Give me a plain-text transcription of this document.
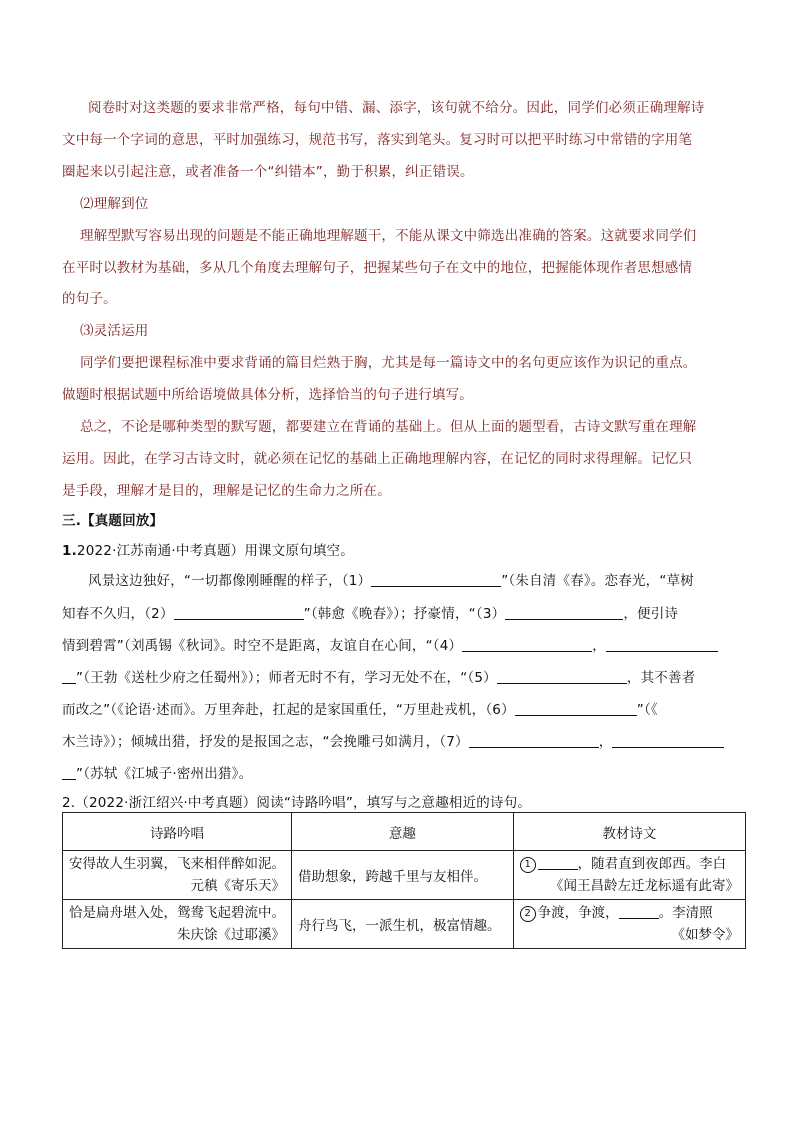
阅卷时对这类题的要求非常严格，每句中错、漏、添字，该句就不给分。因此，同学们必须正确理解诗
文中每一个字词的意思，平时加强练习，规范书写，落实到笔头。复习时可以把平时练习中常错的字用笔
圈起来以引起注意，或者准备一个“纠错本”，勤于积累，纠正错误。
⑵理解到位
理解型默写容易出现的问题是不能正确地理解题干，不能从课文中筛选出准确的答案。这就要求同学们
在平时以教材为基础，多从几个角度去理解句子，把握某些句子在文中的地位，把握能体现作者思想感情
的句子。
⑶灵活运用
同学们要把课程标准中要求背诵的篇目烂熟于胸，尤其是每一篇诗文中的名句更应该作为识记的重点。
做题时根据试题中所给语境做具体分析，选择恰当的句子进行填写。
总之，不论是哪种类型的默写题，都要建立在背诵的基础上。但从上面的题型看，古诗文默写重在理解
运用。因此，在学习古诗文时，就必须在记忆的基础上正确地理解内容，在记忆的同时求得理解。记忆只
是手段，理解才是目的，理解是记忆的生命力之所在。
三.【真题回放】
1.2022·江苏南通·中考真题）用课文原句填空。
风景这边独好，“一切都像刚睡醒的样子，（1）	”（朱自清《春》。恋春光，“草树
知春不久归，（2）	”（韩愈《晚春》）；抒豪情，“（3）	，便引诗
情到碧霄”（刘禹锡《秋词》。时空不是距离，友谊自在心间，“（4）	，
”（王勃《送杜少府之任蜀州》）；师者无时不有，学习无处不在，“（5）	，其不善者
而改之”（《论语·述而》。万里奔赴，扛起的是家国重任，“万里赴戎机，（6）	”（《
木兰诗》）；倾城出猎，抒发的是报国之志，“会挽雕弓如满月，（7）	，
”（苏轼《江城子·密州出猎》。
2.（2022·浙江绍兴·中考真题）阅读“诗路吟唱”，填写与之意趣相近的诗句。
诗路吟唱	意趣	教材诗文

安得故人生羽翼，飞来相伴醉如泥。
元稹《寄乐天》	借助想象，跨越千里与友相伴。	1 ，随君直到夜郎西。李白
《闻王昌龄左迁龙标遥有此寄》

恰是扁舟堪入处，鸳鸯飞起碧流中。
朱庆馀《过耶溪》	舟行鸟飞，一派生机，极富情趣。	2 争渡，争渡， 。李清照
《如梦令》
